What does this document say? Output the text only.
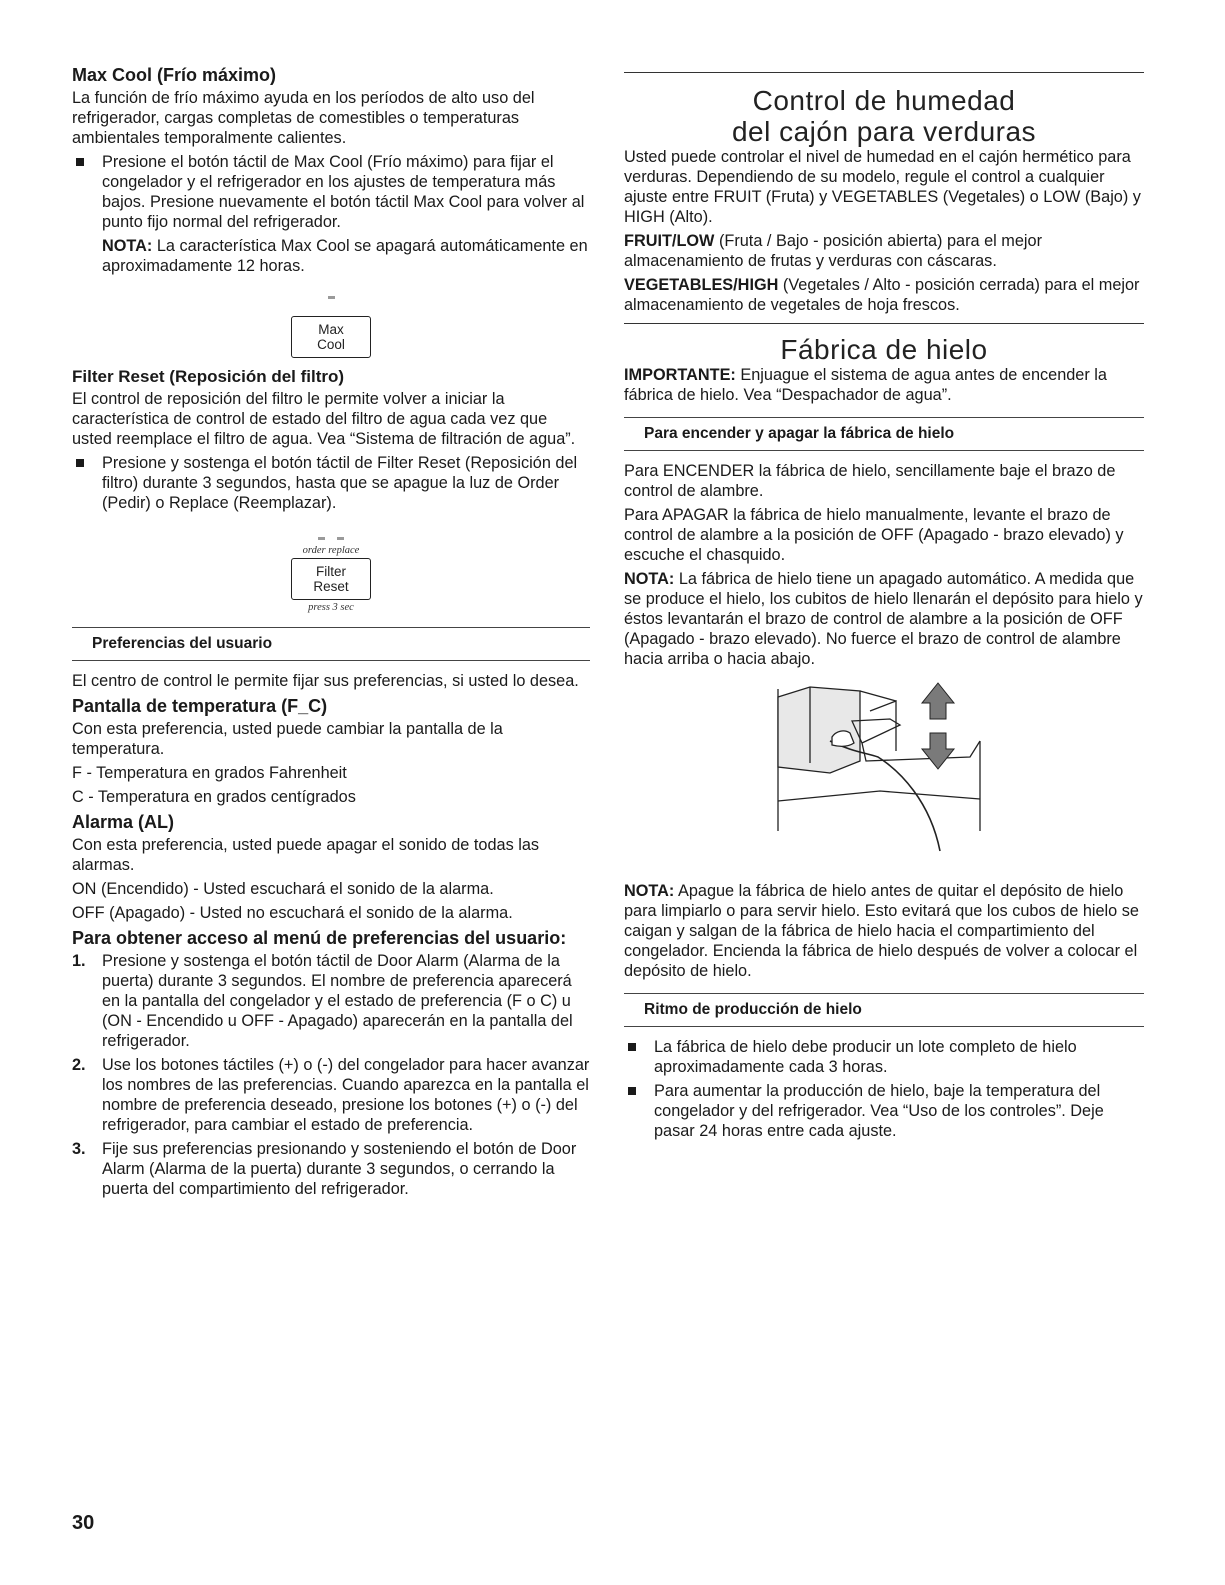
Max Cool (Frío máximo)

La función de frío máximo ayuda en los períodos de alto uso del refrigerador, cargas completas de comestibles o temperaturas ambientales temporalmente calientes.

Presione el botón táctil de Max Cool (Frío máximo) para fijar el congelador y el refrigerador en los ajustes de temperatura más bajos. Presione nuevamente el botón táctil Max Cool para volver al punto fijo normal del refrigerador.
NOTA: La característica Max Cool se apagará automáticamente en aproximadamente 12 horas.
Max
Cool

Filter Reset (Reposición del filtro)

El control de reposición del filtro le permite volver a iniciar la característica de control de estado del filtro de agua cada vez que usted reemplace el filtro de agua. Vea “Sistema de filtración de agua”.

Presione y sostenga el botón táctil de Filter Reset (Reposición del filtro) durante 3 segundos, hasta que se apague la luz de Order (Pedir) o Replace (Reemplazar).
order replace
Filter
Reset
press 3 sec
Preferencias del usuario

El centro de control le permite fijar sus preferencias, si usted lo desea.

Pantalla de temperatura (F_C)

Con esta preferencia, usted puede cambiar la pantalla de la temperatura.

F - Temperatura en grados Fahrenheit

C - Temperatura en grados centígrados

Alarma (AL)

Con esta preferencia, usted puede apagar el sonido de todas las alarmas.

ON (Encendido) - Usted escuchará el sonido de la alarma.

OFF (Apagado) - Usted no escuchará el sonido de la alarma.

Para obtener acceso al menú de preferencias del usuario:

1. Presione y sostenga el botón táctil de Door Alarm (Alarma de la puerta) durante 3 segundos. El nombre de preferencia aparecerá en la pantalla del congelador y el estado de preferencia (F o C) u (ON - Encendido u OFF - Apagado) aparecerán en la pantalla del refrigerador.
2. Use los botones táctiles (+) o (-) del congelador para hacer avanzar los nombres de las preferencias. Cuando aparezca en la pantalla el nombre de preferencia deseado, presione los botones (+) o (-) del refrigerador, para cambiar el estado de preferencia.
3. Fije sus preferencias presionando y sosteniendo el botón de Door Alarm (Alarma de la puerta) durante 3 segundos, o cerrando la puerta del compartimiento del refrigerador.

Control de humedad

del cajón para verduras

Usted puede controlar el nivel de humedad en el cajón hermético para verduras. Dependiendo de su modelo, regule el control a cualquier ajuste entre FRUIT (Fruta) y VEGETABLES (Vegetales) o LOW (Bajo) y HIGH (Alto).

FRUIT/LOW (Fruta / Bajo - posición abierta) para el mejor almacenamiento de frutas y verduras con cáscaras.

VEGETABLES/HIGH (Vegetales / Alto - posición cerrada) para el mejor almacenamiento de vegetales de hoja frescos.

Fábrica de hielo

IMPORTANTE: Enjuague el sistema de agua antes de encender la fábrica de hielo. Vea “Despachador de agua”.

Para encender y apagar la fábrica de hielo

Para ENCENDER la fábrica de hielo, sencillamente baje el brazo de control de alambre.

Para APAGAR la fábrica de hielo manualmente, levante el brazo de control de alambre a la posición de OFF (Apagado - brazo elevado) y escuche el chasquido.

NOTA: La fábrica de hielo tiene un apagado automático. A medida que se produce el hielo, los cubitos de hielo llenarán el depósito para hielo y éstos levantarán el brazo de control de alambre a la posición de OFF (Apagado - brazo elevado). No fuerce el brazo de control de alambre hacia arriba o hacia abajo.

NOTA: Apague la fábrica de hielo antes de quitar el depósito de hielo para limpiarlo o para servir hielo. Esto evitará que los cubos de hielo se caigan y salgan de la fábrica de hielo hacia el compartimiento del congelador. Encienda la fábrica de hielo después de volver a colocar el depósito de hielo.

Ritmo de producción de hielo
La fábrica de hielo debe producir un lote completo de hielo aproximadamente cada 3 horas.
Para aumentar la producción de hielo, baje la temperatura del congelador y del refrigerador. Vea “Uso de los controles”. Deje pasar 24 horas entre cada ajuste.
30
